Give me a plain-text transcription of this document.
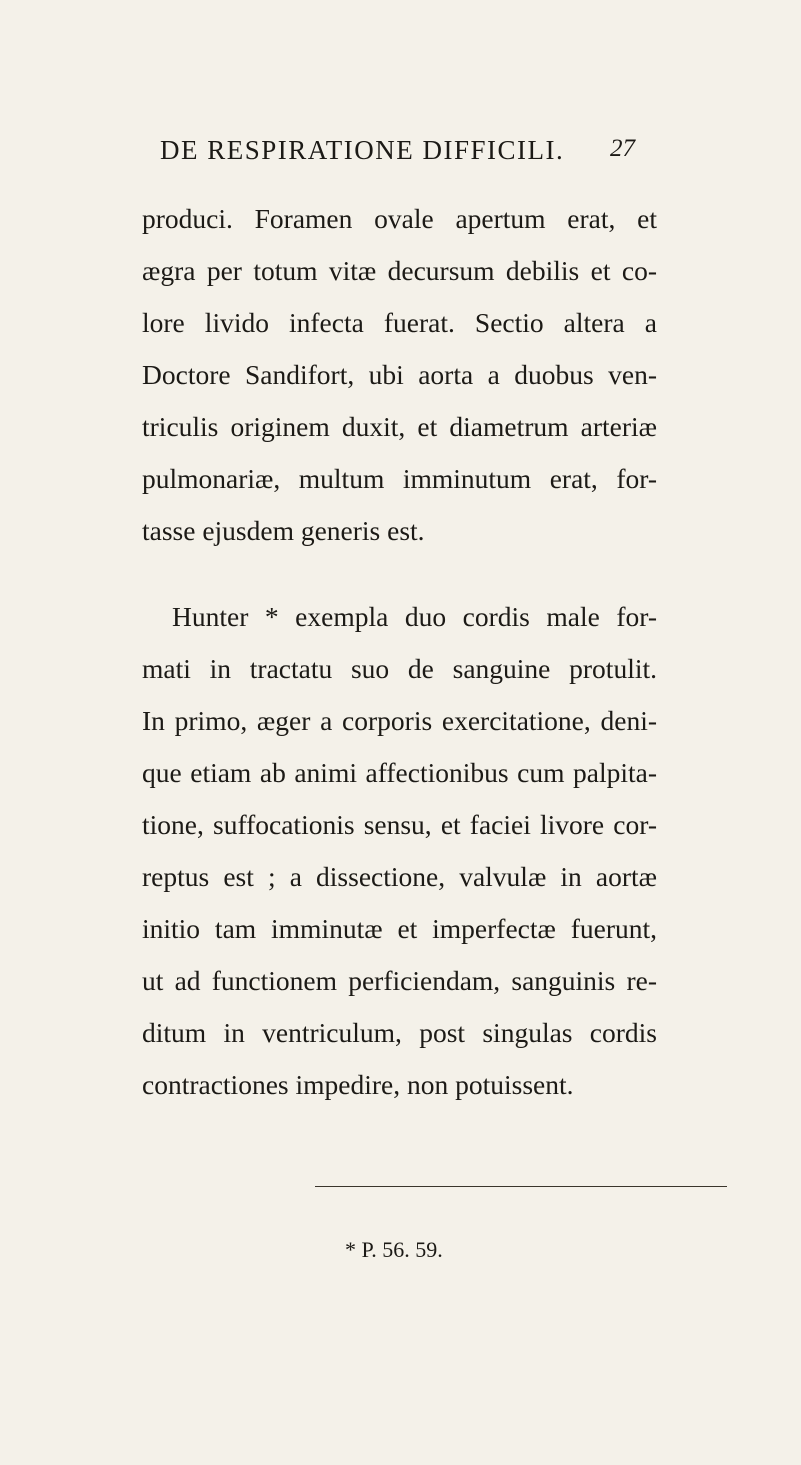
DE RESPIRATIONE DIFFICILI. 27
produci. Foramen ovale apertum erat, et
ægra per totum vitæ decursum debilis et co-
lore livido infecta fuerat. Sectio altera a
Doctore Sandifort, ubi aorta a duobus ven-
triculis originem duxit, et diametrum arteriæ
pulmonariæ, multum imminutum erat, for-
tasse ejusdem generis est.
Hunter * exempla duo cordis male for-
mati in tractatu suo de sanguine protulit.
In primo, æger a corporis exercitatione, deni-
que etiam ab animi affectionibus cum palpita-
tione, suffocationis sensu, et faciei livore cor-
reptus est ; a dissectione, valvulæ in aortæ
initio tam imminutæ et imperfectæ fuerunt,
ut ad functionem perficiendam, sanguinis re-
ditum in ventriculum, post singulas cordis
contractiones impedire, non potuissent.
* P. 56. 59.
